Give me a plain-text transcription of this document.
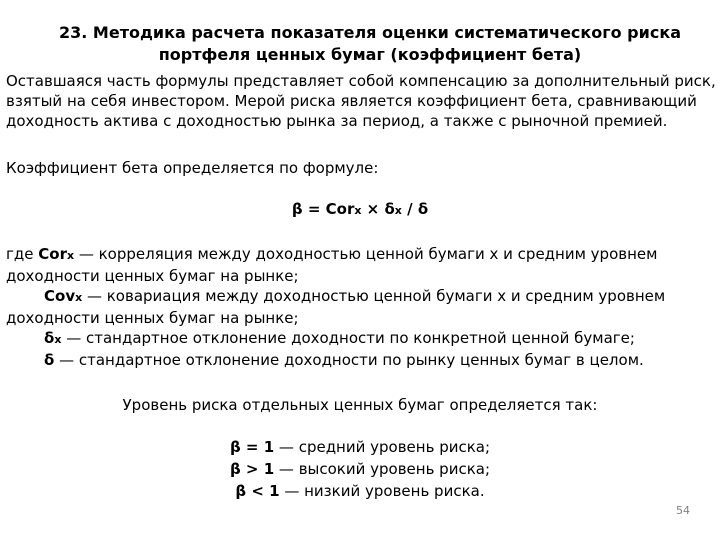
23. Методика расчета показателя оценки систематического риска
портфеля ценных бумаг (коэффициент бета)
Оставшаяся часть формулы представляет собой компенсацию за дополнительный риск,
взятый на себя инвестором. Мерой риска является коэффициент бета, сравнивающий
доходность актива с доходностью рынка за период, а также с рыночной премией.
Коэффициент бета определяется по формуле:
β = Corx × δx / δ
где Corx — корреляция между доходностью ценной бумаги х и средним уровнем
доходности ценных бумаг на рынке;
Covx — ковариация между доходностью ценной бумаги х и средним уровнем
доходности ценных бумаг на рынке;
δx — стандартное отклонение доходности по конкретной ценной бумаге;
δ — стандартное отклонение доходности по рынку ценных бумаг в целом.
Уровень риска отдельных ценных бумаг определяется так:
β = 1 — средний уровень риска;
β > 1 — высокий уровень риска;
β < 1 — низкий уровень риска.
54
